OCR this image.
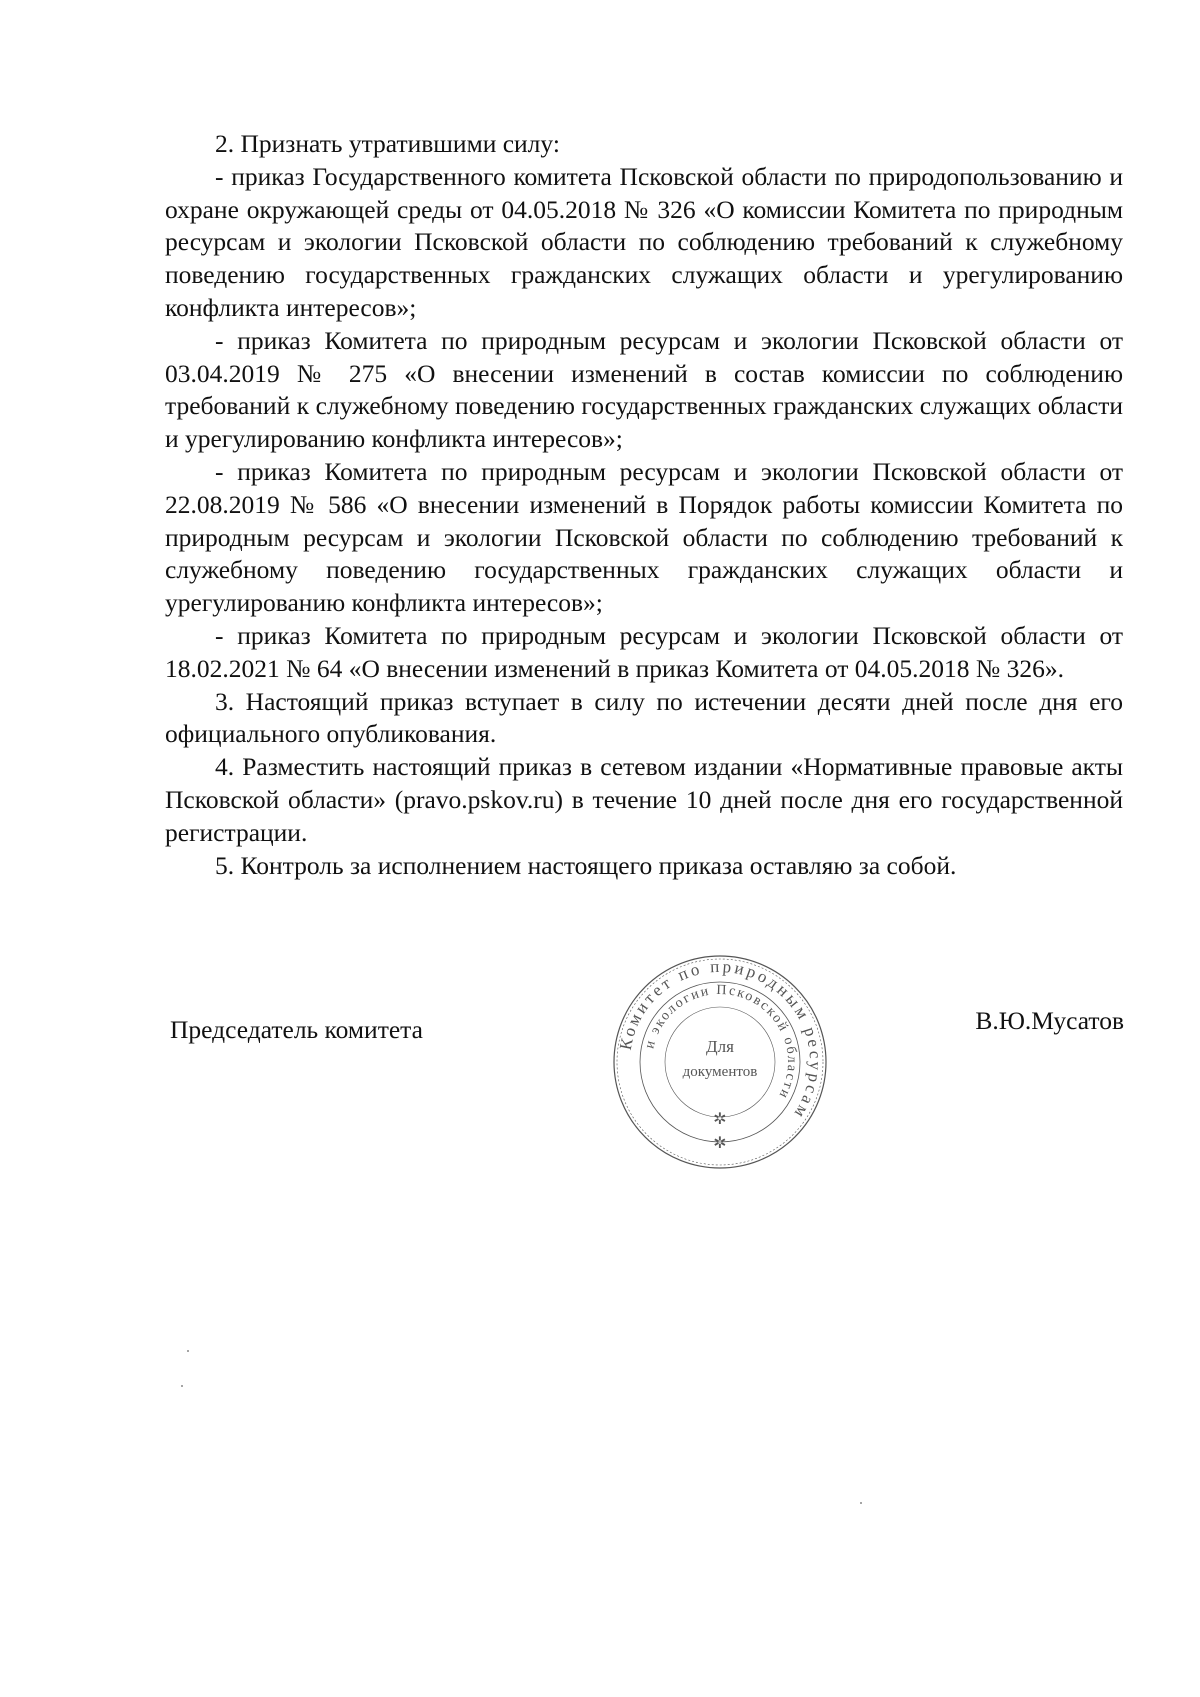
2. Признать утратившими силу:

- приказ Государственного комитета Псковской области по природопользованию и охране окружающей среды от 04.05.2018 № 326 «О комиссии Комитета по природным ресурсам и экологии Псковской области по соблюдению требований к служебному поведению государственных гражданских служащих области и урегулированию конфликта интересов»;

- приказ Комитета по природным ресурсам и экологии Псковской области от 03.04.2019 № 275 «О внесении изменений в состав комиссии по соблюдению требований к служебному поведению государственных гражданских служащих области и урегулированию конфликта интересов»;

- приказ Комитета по природным ресурсам и экологии Псковской области от 22.08.2019 № 586 «О внесении изменений в Порядок работы комиссии Комитета по природным ресурсам и экологии Псковской области по соблюдению требований к служебному поведению государственных гражданских служащих области и урегулированию конфликта интересов»;

- приказ Комитета по природным ресурсам и экологии Псковской области от 18.02.2021 № 64 «О внесении изменений в приказ Комитета от 04.05.2018 № 326».

3. Настоящий приказ вступает в силу по истечении десяти дней после дня его официального опубликования.

4. Разместить настоящий приказ в сетевом издании «Нормативные правовые акты Псковской области» (pravo.pskov.ru) в течение 10 дней после дня его государственной регистрации.

5. Контроль за исполнением настоящего приказа оставляю за собой.

Председатель комитета	В.Ю.Мусатов
Комитет по природным ресурсам
и экологии Псковской области
Для
документов
✲
✲
